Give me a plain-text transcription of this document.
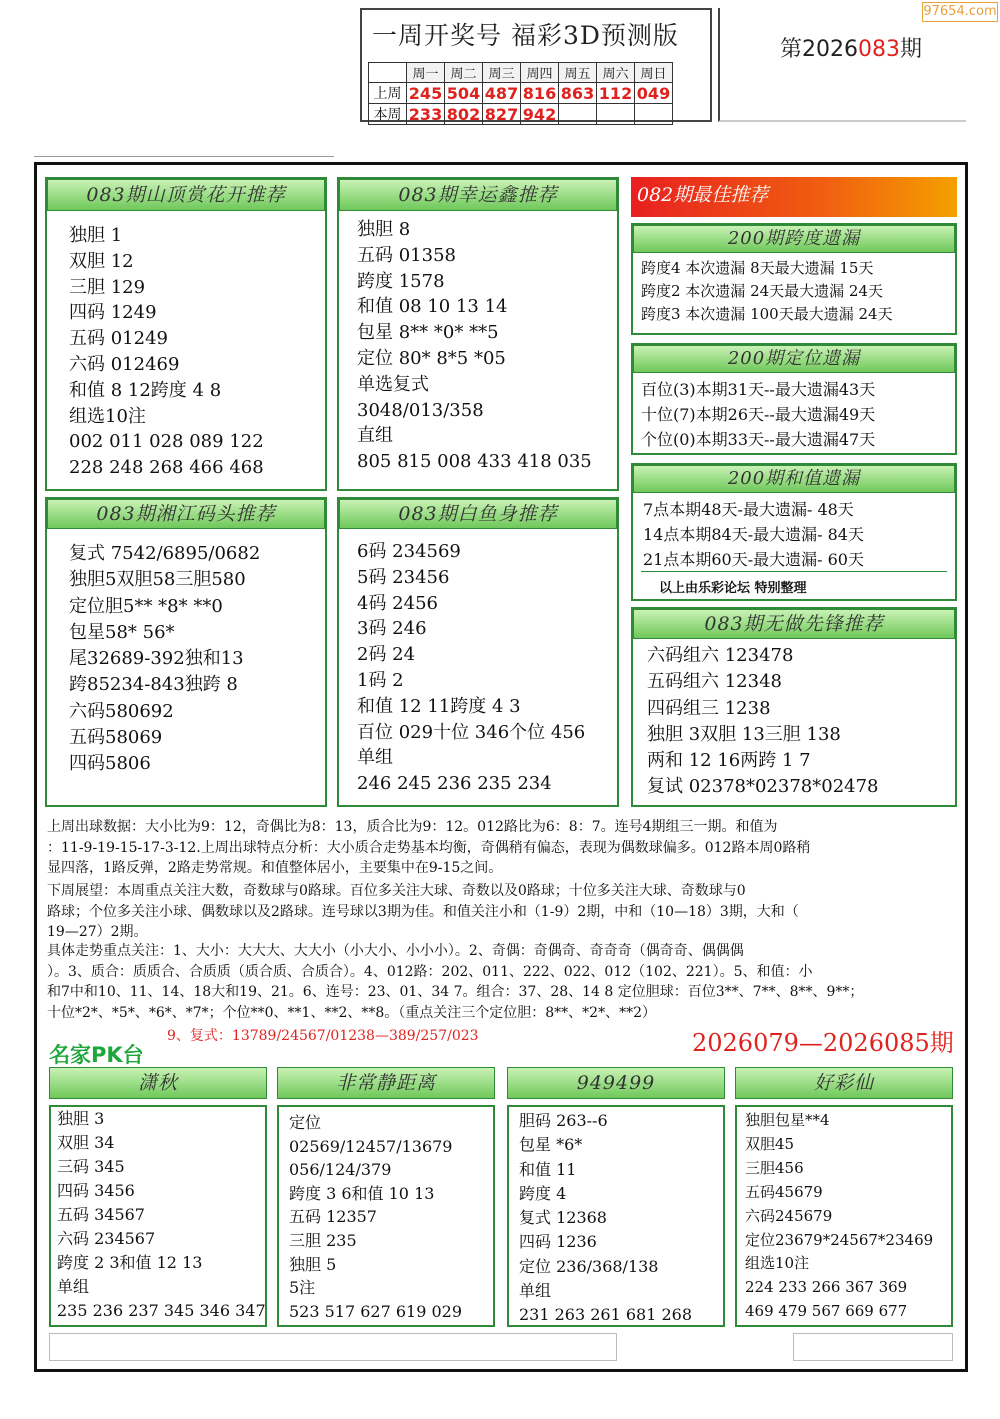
97654.com
一周开奖号 福彩3D预测版
	周一	周二	周三	周四	周五	周六	周日
上周	245	504	487	816	863	112	049
本周	233	802	827	942			
第2026083期
083期山顶赏花开推荐
独胆 1
双胆 12
三胆 129
四码 1249
五码 01249
六码 012469
和值 8 12跨度 4 8
组选10注
002 011 028 089 122
228 248 268 466 468
083期幸运鑫推荐
独胆 8
五码 01358
跨度 1578
和值 08 10 13 14
包星 8** *0* **5
定位 80* 8*5 *05
单选复式
3048/013/358
直组
805 815 008 433 418 035
082期最佳推荐
200期跨度遗漏
跨度4 本次遗漏 8天最大遗漏 15天
跨度2 本次遗漏 24天最大遗漏 24天
跨度3 本次遗漏 100天最大遗漏 24天
200期定位遗漏
百位(3)本期31天--最大遗漏43天
十位(7)本期26天--最大遗漏49天
个位(0)本期33天--最大遗漏47天
200期和值遗漏
7点本期48天-最大遗漏- 48天
14点本期84天-最大遗漏- 84天
21点本期60天-最大遗漏- 60天
以上由乐彩论坛 特别整理
083期无做先锋推荐
六码组六 123478
五码组六 12348
四码组三 1238
独胆 3双胆 13三胆 138
两和 12 16两跨 1 7
复试 02378*02378*02478
083期湘江码头推荐
复式 7542/6895/0682
独胆5双胆58三胆580
定位胆5** *8* **0
包星58* 56*
尾32689-392独和13
跨85234-843独跨 8
六码580692
五码58069
四码5806
083期白鱼身推荐
6码 234569
5码 23456
4码 2456
3码 246
2码 24
1码 2
和值 12 11跨度 4 3
百位 029十位 346个位 456
单组
246 245 236 235 234
上周出球数据：大小比为9：12，奇偶比为8：13，质合比为9：12。012路比为6：8：7。连号4期组三一期。和值为
：11-9-19-15-17-3-12.上周出球特点分析：大小质合走势基本均衡，奇偶稍有偏态，表现为偶数球偏多。012路本周0路稍
显四落，1路反弹，2路走势常规。和值整体居小，主要集中在9-15之间。
下周展望：本周重点关注大数，奇数球与0路球。百位多关注大球、奇数以及0路球；十位多关注大球、奇数球与0
路球；个位多关注小球、偶数球以及2路球。连号球以3期为佳。和值关注小和（1-9）2期，中和（10—18）3期，大和（
19—27）2期。
具体走势重点关注：1、大小：大大大、大大小（小大小、小小小）。2、奇偶：奇偶奇、奇奇奇（偶奇奇、偶偶偶
）。3、质合：质质合、合质质（质合质、合质合）。4、012路：202、011、222、022、012（102、221）。5、和值：小
和7中和10、11、14、18大和19、21。6、连号：23、01、34 7。组合：37、28、14 8 定位胆球：百位3**、7**、8**、9**；
十位*2*、*5*、*6*、*7*；个位**0、**1、**2、**8。（重点关注三个定位胆：8**、*2*、**2）
9、复式：13789/24567/01238—389/257/023
名家PK台	2026079—2026085期
潇秋
独胆 3
双胆 34
三码 345
四码 3456
五码 34567
六码 234567
跨度 2 3和值 12 13
单组
235 236 237 345 346 347
非常静距离
定位
02569/12457/13679
056/124/379
跨度 3 6和值 10 13
五码 12357
三胆 235
独胆 5
5注
523 517 627 619 029
949499
胆码 263--6
包星 *6*
和值 11
跨度 4
复式 12368
四码 1236
定位 236/368/138
单组
231 263 261 681 268
好彩仙
独胆包星**4
双胆45
三胆456
五码45679
六码245679
定位23679*24567*23469
组选10注
224 233 266 367 369
469 479 567 669 677
